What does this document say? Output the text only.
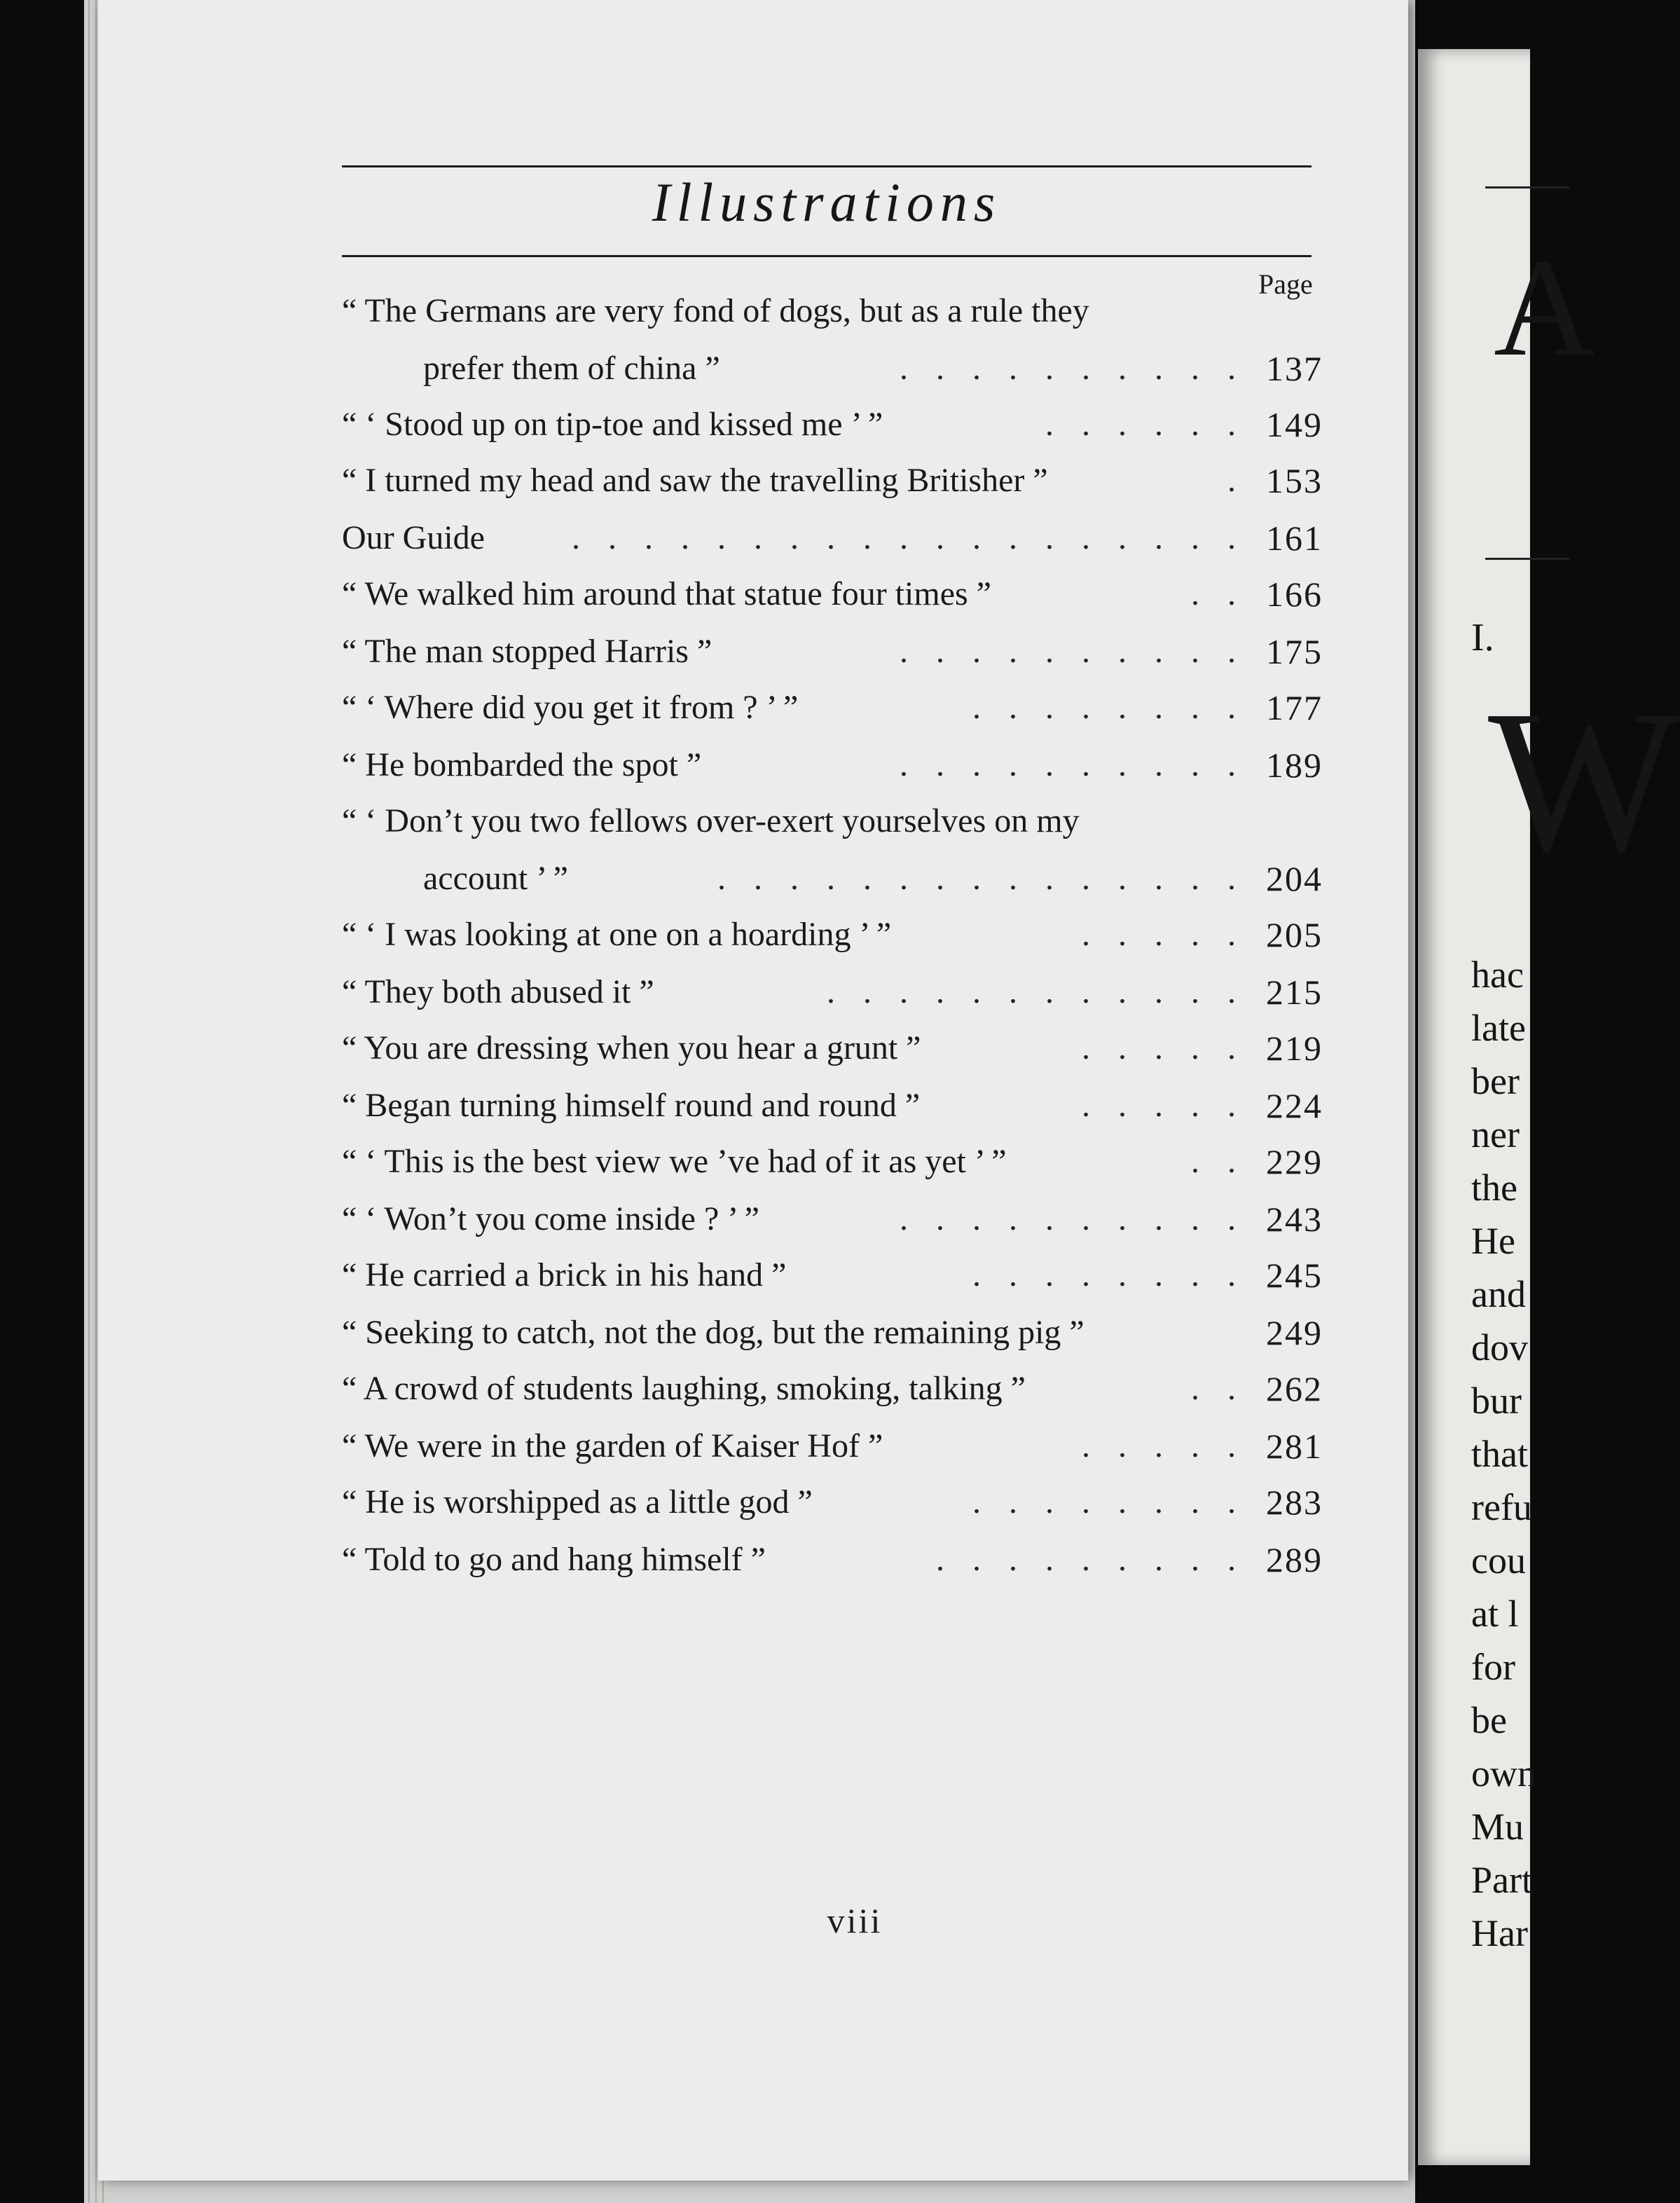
Illustrations
Page
“ The Germans are very fond of dogs, but as a rule they
prefer them of china ”	. . . . . . . . . . 137
“ ‘ Stood up on tip-toe and kissed me ’ ”	. . . . . . 149
“ I turned my head and saw the travelling Britisher ”	. 153
Our Guide	. . . . . . . . . . . . . . . . . . . 161
“ We walked him around that statue four times ”	. . 166
“ The man stopped Harris ”	. . . . . . . . . . 175
“ ‘ Where did you get it from ? ’ ”	. . . . . . . . 177
“ He bombarded the spot ”	. . . . . . . . . . 189
“ ‘ Don’t you two fellows over-exert yourselves on my
account ’ ”	. . . . . . . . . . . . . . . 204
“ ‘ I was looking at one on a hoarding ’ ”	. . . . . 205
“ They both abused it ”	. . . . . . . . . . . . 215
“ You are dressing when you hear a grunt ”	. . . . . 219
“ Began turning himself round and round ”	. . . . . 224
“ ‘ This is the best view we ’ve had of it as yet ’ ”	. . 229
“ ‘ Won’t you come inside ? ’ ”	. . . . . . . . . . 243
“ He carried a brick in his hand ”	. . . . . . . . 245
“ Seeking to catch, not the dog, but the remaining pig ”	249
“ A crowd of students laughing, smoking, talking ”	. . 262
“ We were in the garden of Kaiser Hof ”	. . . . . 281
“ He is worshipped as a little god ”	. . . . . . . . 283
“ Told to go and hang himself ”	. . . . . . . . . 289
viii
A
I.
W
hac
late
ber
ner
the
He
and
dov
bur
that
refu
cou
at l
for
be
own
Mu
Part
Har
